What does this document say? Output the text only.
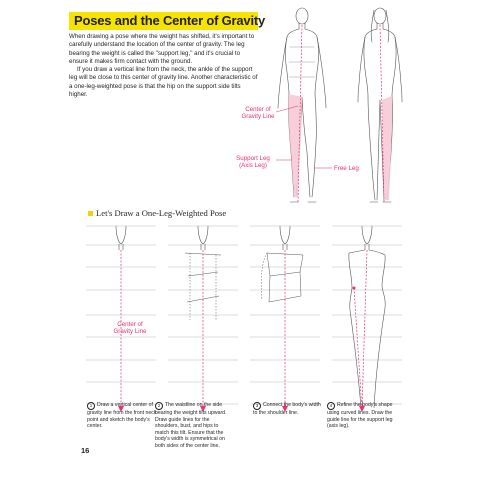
Poses and the Center of Gravity

When drawing a pose where the weight has shifted, it's important to carefully understand the location of the center of gravity. The leg bearing the weight is called the "support leg," and it's crucial to ensure it makes firm contact with the ground.

If you draw a vertical line from the neck, the ankle of the support leg will be close to this center of gravity line. Another characteristic of a one-leg-weighted pose is that the hip on the support side tilts higher.

Center of
Gravity Line
Support Leg
(Axis Leg)	Free Leg
Let's Draw a One-Leg-Weighted Pose
Center of
Gravity Line
1 Draw a vertical center of gravity line from the front neck point and sketch the body's center.
2 The waistline on the side bearing the weight tilts upward. Draw guide lines for the shoulders, bust, and hips to match this tilt. Ensure that the body's width is symmetrical on both sides of the center line.
3 Connect the body's width to the shoulder line.
4 Refine the body's shape using curved lines. Draw the guide line for the support leg (axis leg).
16
